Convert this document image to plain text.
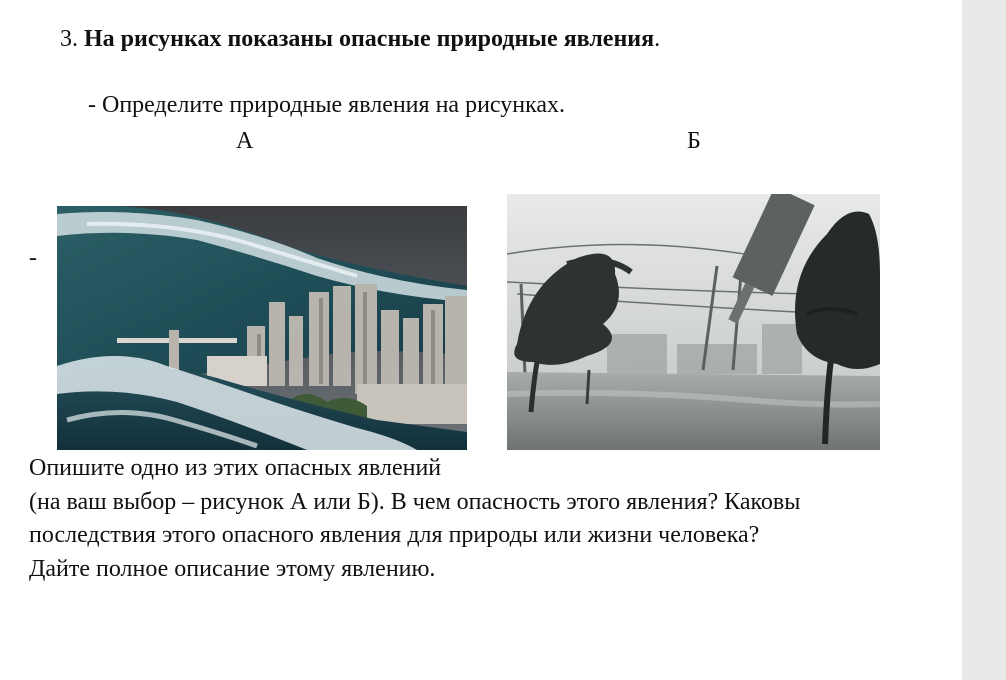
3. На рисунках показаны опасные природные явления.
- Определите природные явления на рисунках.
А	Б
-
Опишите одно из этих опасных явлений
(на ваш выбор – рисунок А или Б). В чем опасность этого явления? Каковы
последствия этого опасного явления для природы или жизни человека?
Дайте полное описание этому явлению.
